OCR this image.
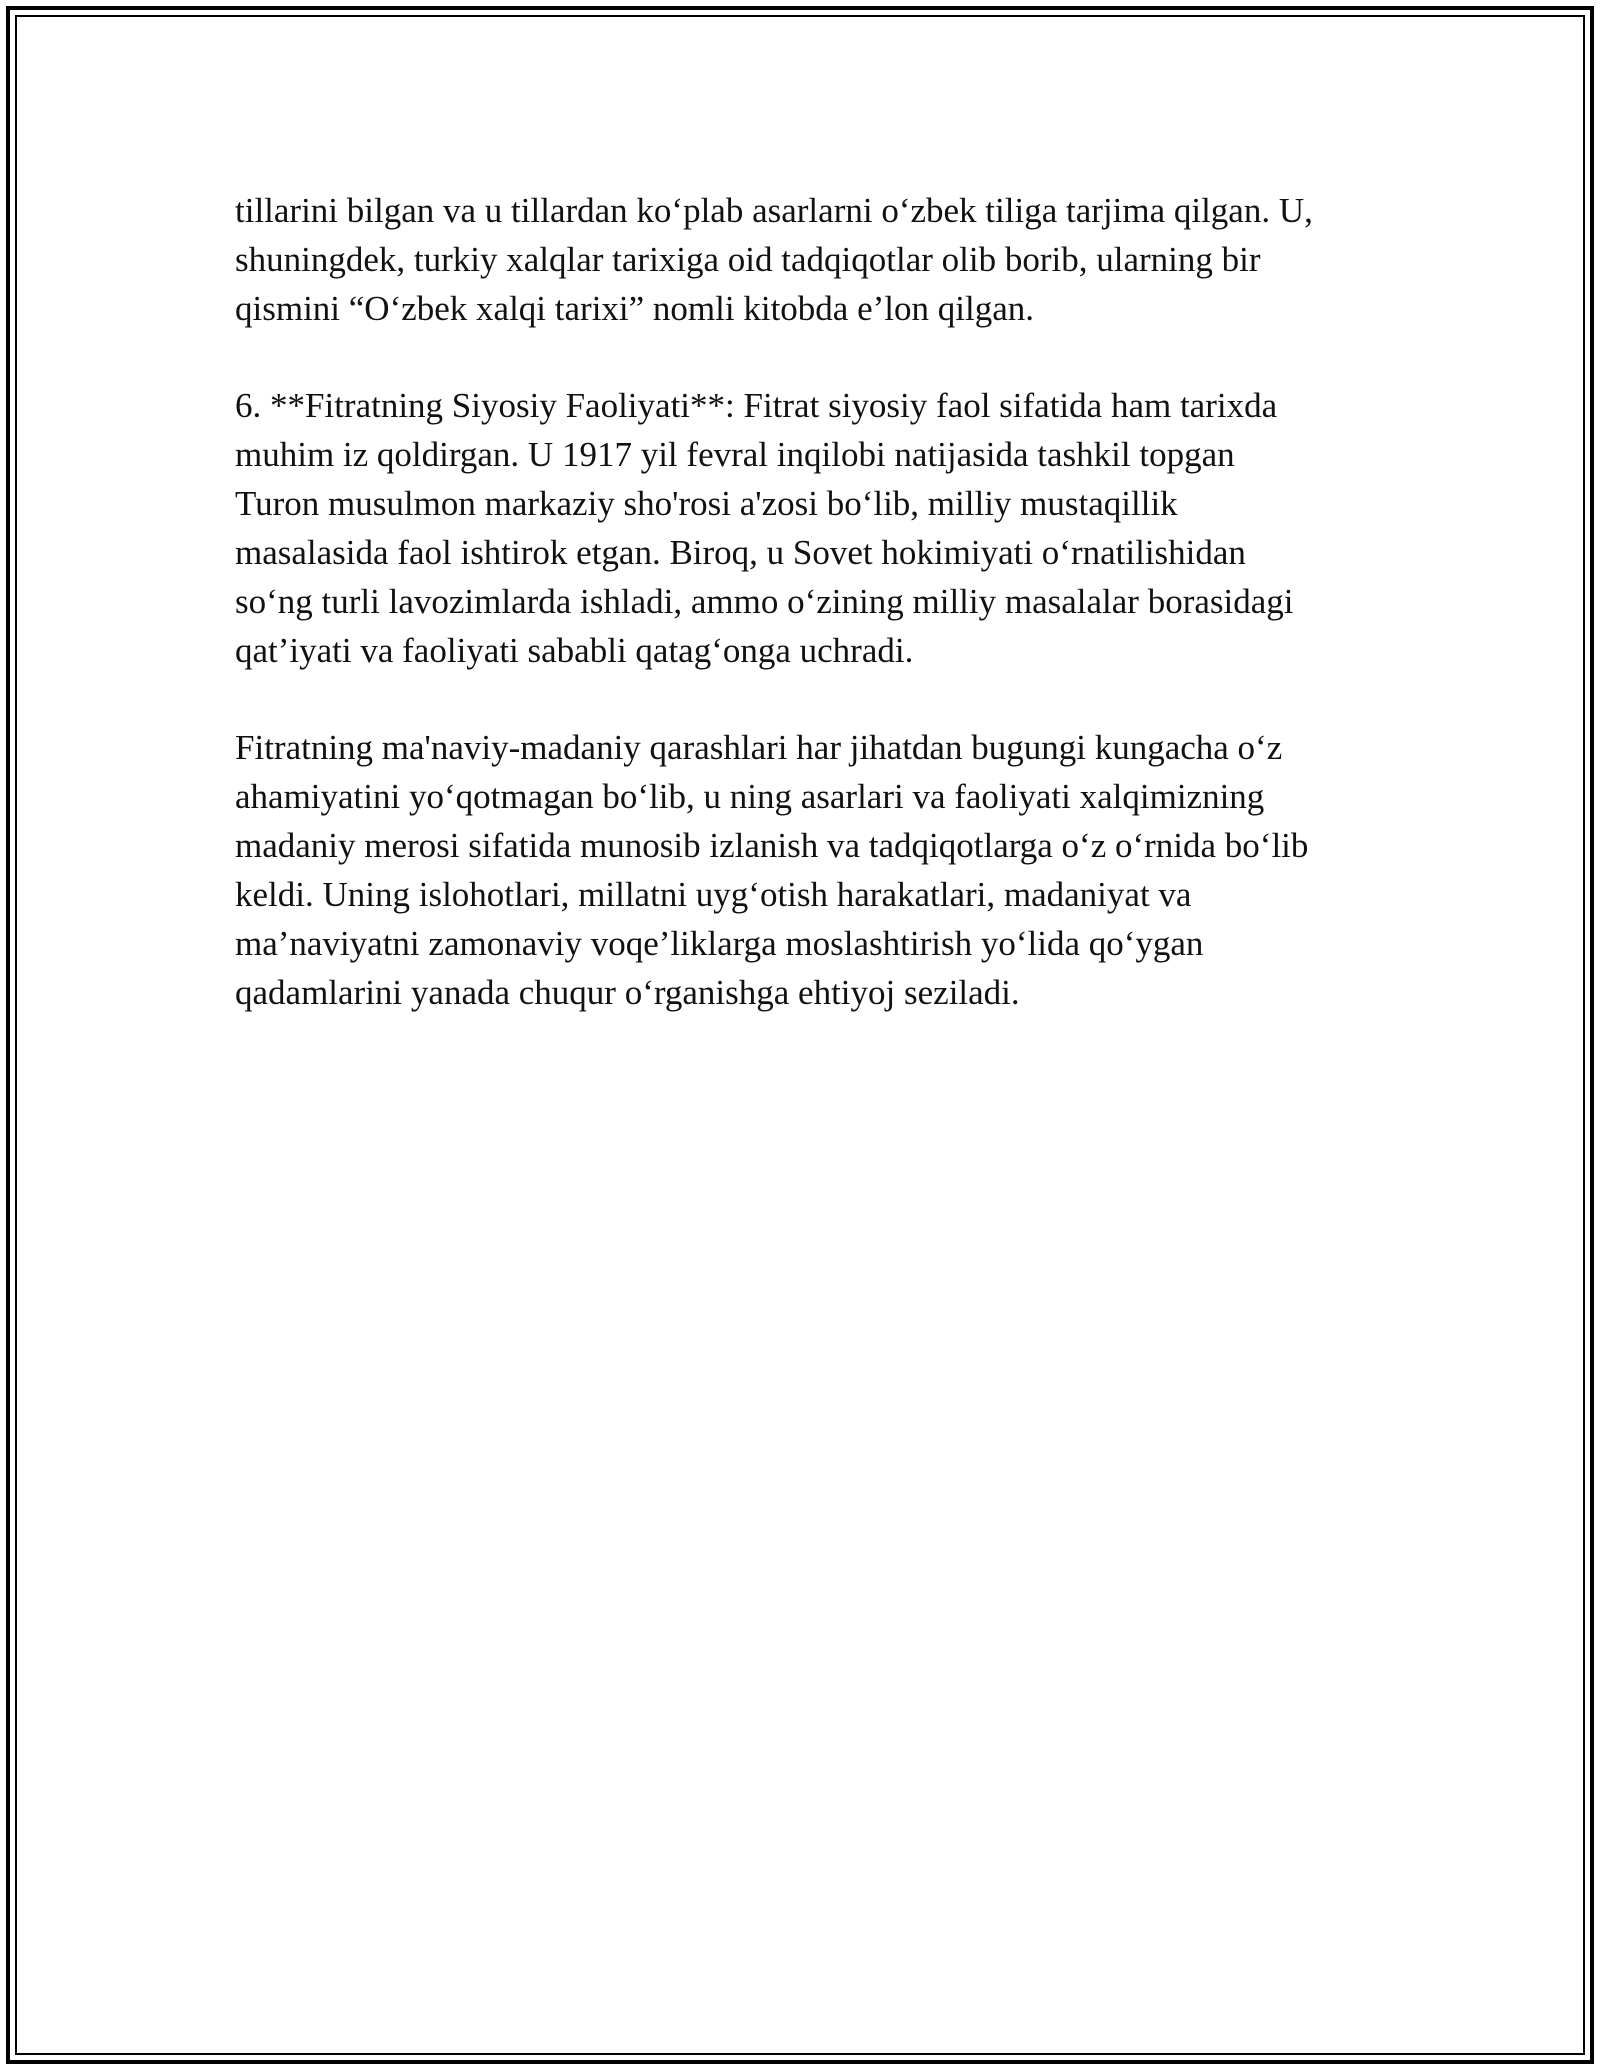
tillarini bilgan va u tillardan ko‘plab asarlarni o‘zbek tiliga tarjima qilgan. U,
shuningdek, turkiy xalqlar tarixiga oid tadqiqotlar olib borib, ularning bir
qismini “O‘zbek xalqi tarixi” nomli kitobda e’lon qilgan.

6. **Fitratning Siyosiy Faoliyati**: Fitrat siyosiy faol sifatida ham tarixda
muhim iz qoldirgan. U 1917 yil fevral inqilobi natijasida tashkil topgan
Turon musulmon markaziy sho'rosi a'zosi bo‘lib, milliy mustaqillik
masalasida faol ishtirok etgan. Biroq, u Sovet hokimiyati o‘rnatilishidan
so‘ng turli lavozimlarda ishladi, ammo o‘zining milliy masalalar borasidagi
qat’iyati va faoliyati sababli qatag‘onga uchradi.

Fitratning ma'naviy-madaniy qarashlari har jihatdan bugungi kungacha o‘z
ahamiyatini yo‘qotmagan bo‘lib, u ning asarlari va faoliyati xalqimizning
madaniy merosi sifatida munosib izlanish va tadqiqotlarga o‘z o‘rnida bo‘lib
keldi. Uning islohotlari, millatni uyg‘otish harakatlari, madaniyat va
ma’naviyatni zamonaviy voqe’liklarga moslashtirish yo‘lida qo‘ygan
qadamlarini yanada chuqur o‘rganishga ehtiyoj seziladi.
